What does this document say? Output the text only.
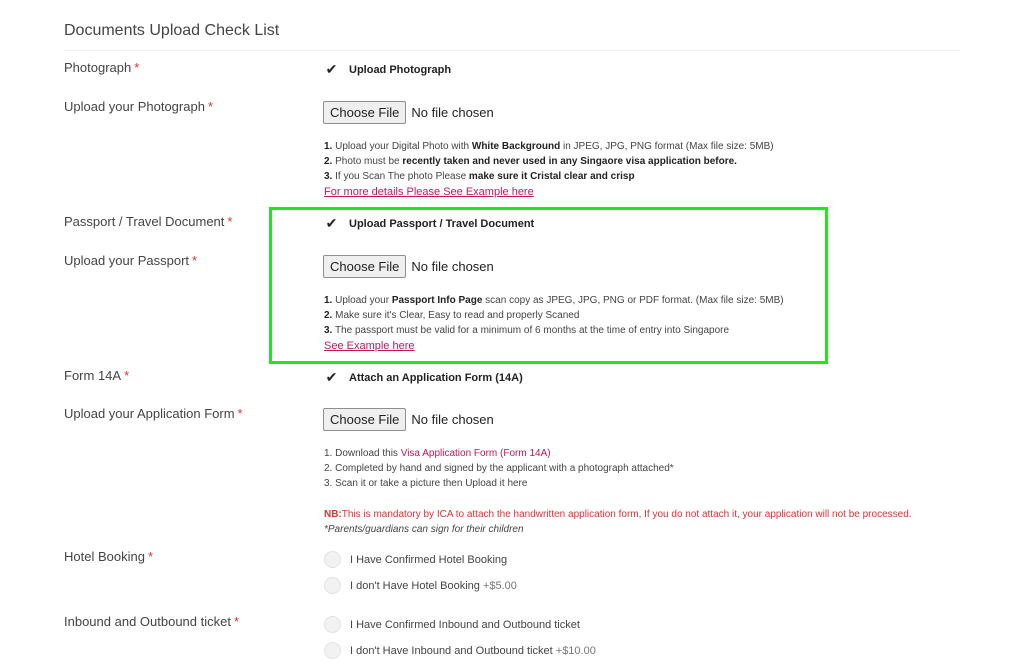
Documents Upload Check List
Photograph *	✔ Upload Photograph
Upload your Photograph *	Choose File No file chosen
1. Upload your Digital Photo with White Background in JPEG, JPG, PNG format (Max file size: 5MB)
2. Photo must be recently taken and never used in any Singaore visa application before.
3. If you Scan The photo Please make sure it Cristal clear and crisp
For more details Please See Example here
Passport / Travel Document *	✔ Upload Passport / Travel Document
Upload your Passport *	Choose File No file chosen
1. Upload your Passport Info Page scan copy as JPEG, JPG, PNG or PDF format. (Max file size: 5MB)
2. Make sure it's Clear, Easy to read and properly Scaned
3. The passport must be valid for a minimum of 6 months at the time of entry into Singapore
See Example here
Form 14A *	✔ Attach an Application Form (14A)
Upload your Application Form *	Choose File No file chosen
1. Download this Visa Application Form (Form 14A)
2. Completed by hand and signed by the applicant with a photograph attached*
3. Scan it or take a picture then Upload it here
NB:This is mandatory by ICA to attach the handwritten application form, If you do not attach it, your application will not be processed.
*Parents/guardians can sign for their children
Hotel Booking *	I Have Confirmed Hotel Booking
I don't Have Hotel Booking
+$5.00
Inbound and Outbound ticket *	I Have Confirmed Inbound and Outbound ticket
I don't Have Inbound and Outbound ticket
+$10.00
